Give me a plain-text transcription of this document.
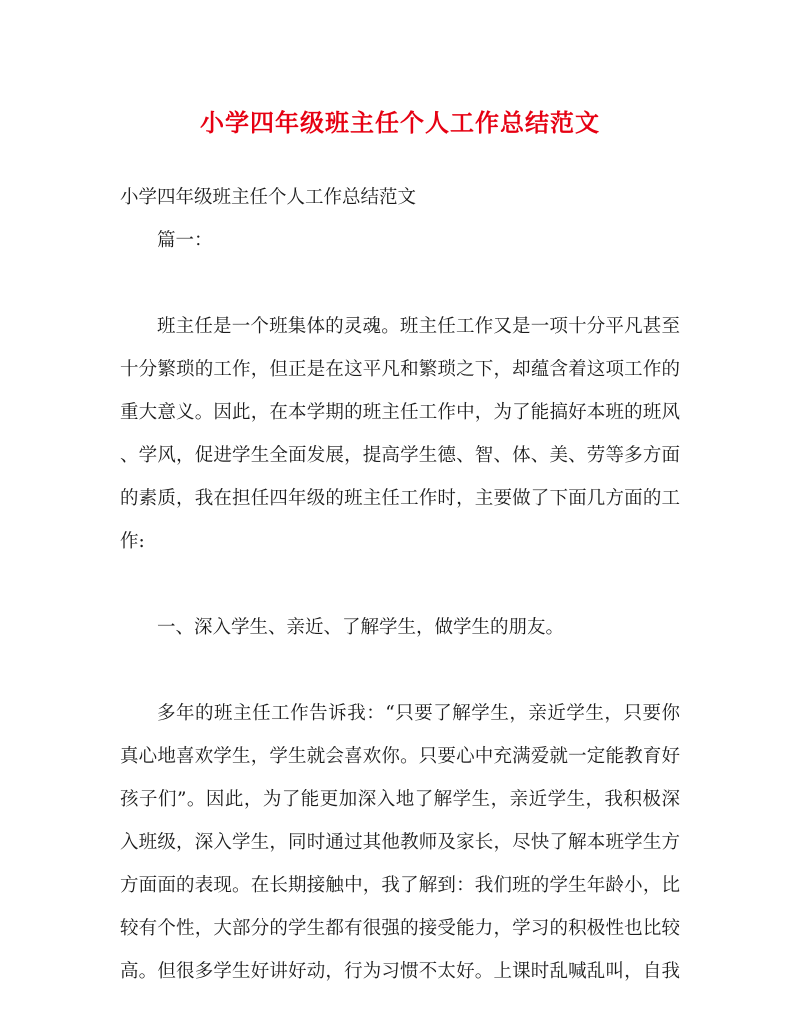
小学四年级班主任个人工作总结范文
小学四年级班主任个人工作总结范文
篇一：
班主任是一个班集体的灵魂。班主任工作又是一项十分平凡甚至
十分繁琐的工作，但正是在这平凡和繁琐之下，却蕴含着这项工作的
重大意义。因此，在本学期的班主任工作中，为了能搞好本班的班风
、学风，促进学生全面发展，提高学生德、智、体、美、劳等多方面
的素质，我在担任四年级的班主任工作时，主要做了下面几方面的工
作:
一、深入学生、亲近、了解学生，做学生的朋友。
多年的班主任工作告诉我：“只要了解学生，亲近学生，只要你
真心地喜欢学生，学生就会喜欢你。只要心中充满爱就一定能教育好
孩子们”。因此，为了能更加深入地了解学生，亲近学生，我积极深
入班级，深入学生，同时通过其他教师及家长，尽快了解本班学生方
方面面的表现。在长期接触中，我了解到：我们班的学生年龄小，比
较有个性，大部分的学生都有很强的接受能力，学习的积极性也比较
高。但很多学生好讲好动，行为习惯不太好。上课时乱喊乱叫，自我
